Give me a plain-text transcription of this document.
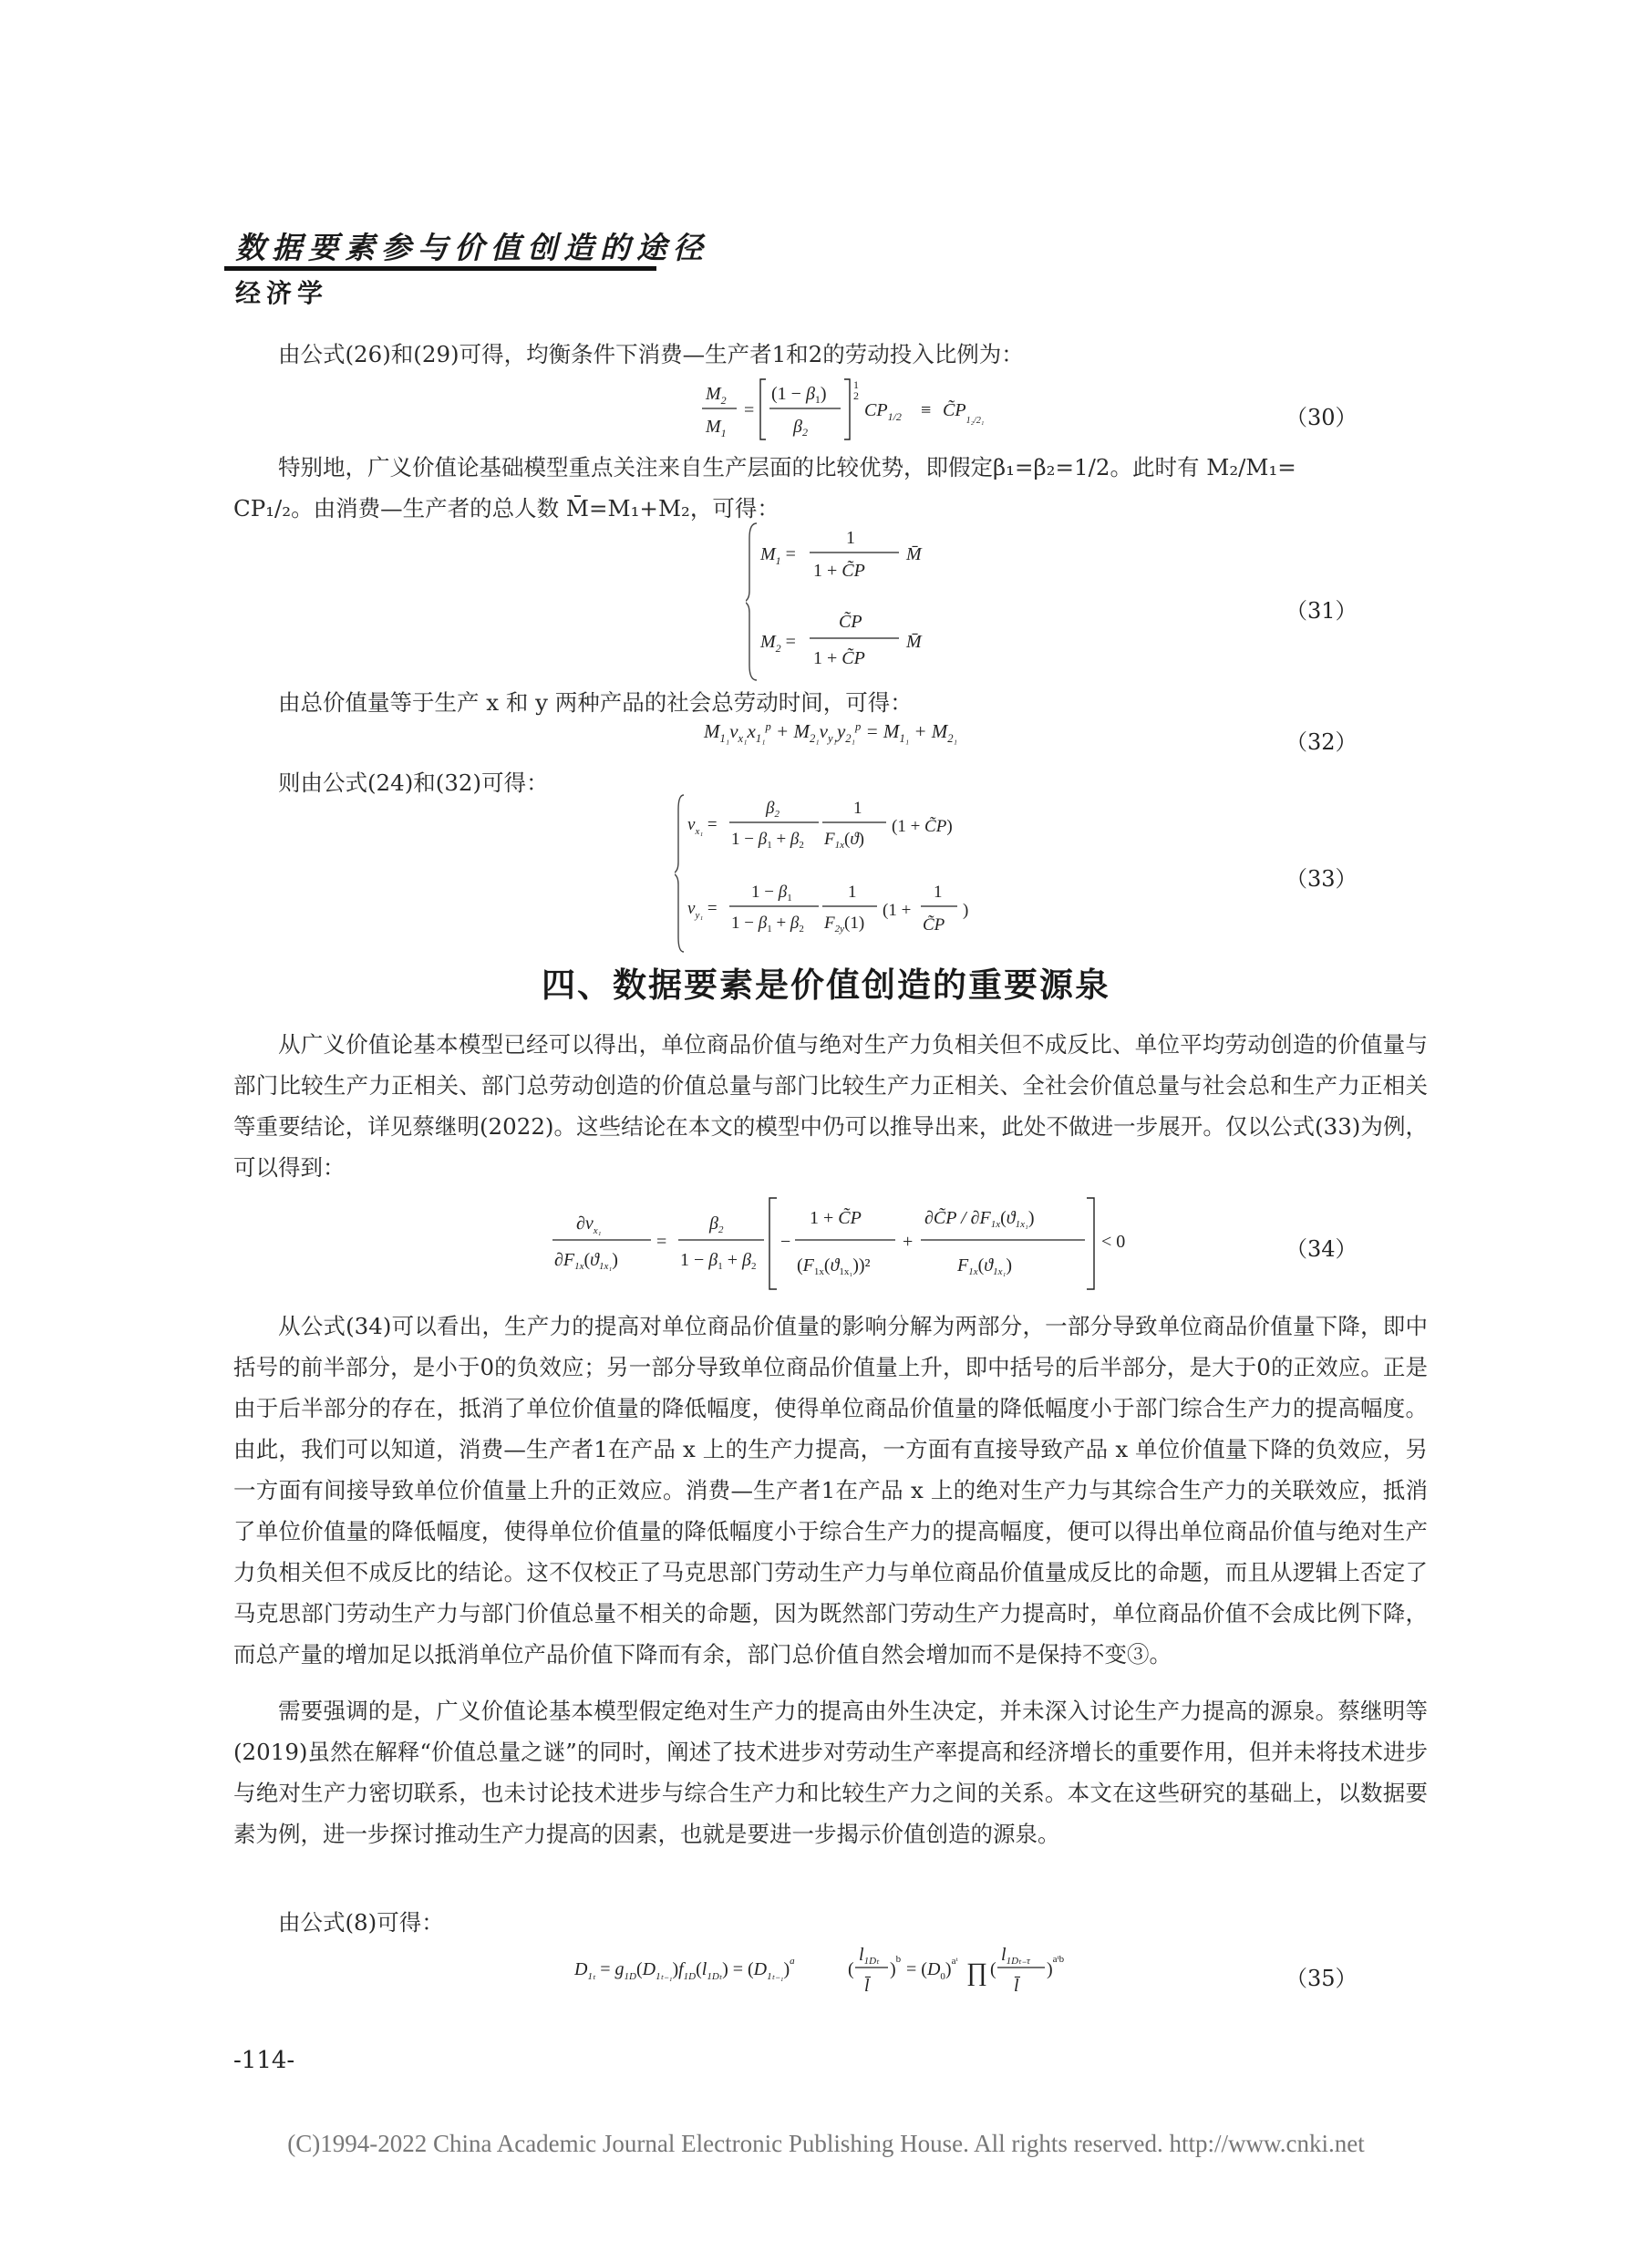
数据要素参与价值创造的途径
经济学
由公式(26)和(29)可得，均衡条件下消费—生产者1和2的劳动投入比例为：
$M_2$
$M_1$
=
$(1 - \beta_1)$
$\beta_2$
1
2
$CP_{1/2}$ ≡ $C̃P_{1_2/2_1}$	（30）

特别地，广义价值论基础模型重点关注来自生产层面的比较优势，即假定β₁=β₂=1/2。此时有 M₂/M₁=

CP₁/₂。由消费—生产者的总人数 M̄=M₁+M₂，可得：
$M_1$ =
1
1 + C̃P
M̄
$M_2$ =
C̃P
1 + C̃P
M̄
（31）
由总价值量等于生产 x 和 y 两种产品的社会总劳动时间，可得：
$M_{1_1}v_{x_1}x_{1_1}^p + M_{2_1}v_{y_1}y_{2_1}^p = M_{1_1} + M_{2_1}$	（32）
则由公式(24)和(32)可得：
$v_{x_1}$ =
$\beta_2$
$1 - \beta_1 + \beta_2$
1
$F_{1x}(ϑ)$
(1 + C̃P)
$v_{y_1}$ =
$1 - \beta_1$
$1 - \beta_1 + \beta_2$
1
$F_{2y}(1)$
(1 +
1
C̃P
)
（33）
四、数据要素是价值创造的重要源泉

从广义价值论基本模型已经可以得出，单位商品价值与绝对生产力负相关但不成反比、单位平均劳动创造的价值量与部门比较生产力正相关、部门总劳动创造的价值总量与部门比较生产力正相关、全社会价值总量与社会总和生产力正相关等重要结论，详见蔡继明(2022)。这些结论在本文的模型中仍可以推导出来，此处不做进一步展开。仅以公式(33)为例，可以得到：

$\partial v_{x_1}$
$\partial F_{1x}(ϑ_{1x_1})$
=
$\beta_2$
$1 - \beta_1 + \beta_2$
−
1 + C̃P
$(F_{1x}(ϑ_{1x_1}))^2$
+
∂C̃P / $\partial F_{1x}(ϑ_{1x_1})$
$F_{1x}(ϑ_{1x_1})$
< 0	（34）

从公式(34)可以看出，生产力的提高对单位商品价值量的影响分解为两部分，一部分导致单位商品价值量下降，即中括号的前半部分，是小于0的负效应；另一部分导致单位商品价值量上升，即中括号的后半部分，是大于0的正效应。正是由于后半部分的存在，抵消了单位价值量的降低幅度，使得单位商品价值量的降低幅度小于部门综合生产力的提高幅度。由此，我们可以知道，消费—生产者1在产品 x 上的生产力提高，一方面有直接导致产品 x 单位价值量下降的负效应，另一方面有间接导致单位价值量上升的正效应。消费—生产者1在产品 x 上的绝对生产力与其综合生产力的关联效应，抵消了单位价值量的降低幅度，使得单位价值量的降低幅度小于综合生产力的提高幅度，便可以得出单位商品价值与绝对生产力负相关但不成反比的结论。这不仅校正了马克思部门劳动生产力与单位商品价值量成反比的命题，而且从逻辑上否定了马克思部门劳动生产力与部门价值总量不相关的命题，因为既然部门劳动生产力提高时，单位商品价值不会成比例下降，而总产量的增加足以抵消单位产品价值下降而有余，部门总价值自然会增加而不是保持不变③。

需要强调的是，广义价值论基本模型假定绝对生产力的提高由外生决定，并未深入讨论生产力提高的源泉。蔡继明等(2019)虽然在解释“价值总量之谜”的同时，阐述了技术进步对劳动生产率提高和经济增长的重要作用，但并未将技术进步与绝对生产力密切联系，也未讨论技术进步与综合生产力和比较生产力之间的关系。本文在这些研究的基础上，以数据要素为例，进一步探讨推动生产力提高的因素，也就是要进一步揭示价值创造的源泉。

由公式(8)可得：
$D_{1_t} = g_{1D}(D_{1_{t-1}})f_{1D}(l_{1D_t}) = (D_{1_{t-1}})^a$	(
$l_{1D_t}$
l̄
)$^b = (D_0)^{aᵗ}$ ∏ (
$l_{1D_{t-}\tau}$
l̄
)$^{aᵗb}$
（35）
-114-
(C)1994-2022 China Academic Journal Electronic Publishing House. All rights reserved. http://www.cnki.net
